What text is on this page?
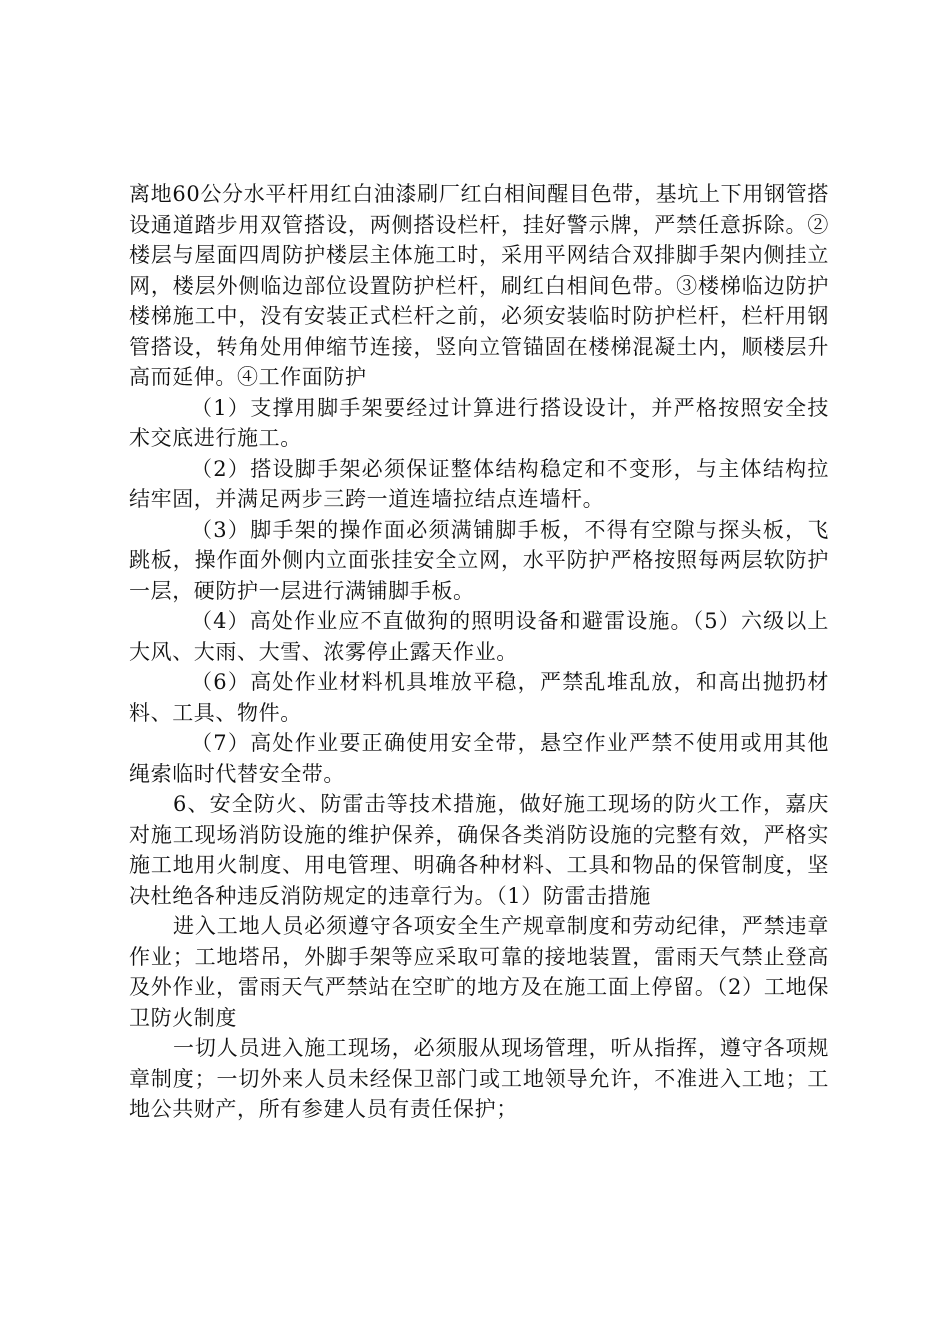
离地60公分水平杆用红白油漆刷厂红白相间醒目色带，基坑上下用钢管搭设通道踏步用双管搭设，两侧搭设栏杆，挂好警示牌，严禁任意拆除。②楼层与屋面四周防护楼层主体施工时，采用平网结合双排脚手架内侧挂立网，楼层外侧临边部位设置防护栏杆，刷红白相间色带。③楼梯临边防护楼梯施工中，没有安装正式栏杆之前，必须安装临时防护栏杆，栏杆用钢管搭设，转角处用伸缩节连接，竖向立管锚固在楼梯混凝土内，顺楼层升高而延伸。④工作面防护

（1）支撑用脚手架要经过计算进行搭设设计，并严格按照安全技术交底进行施工。

（2）搭设脚手架必须保证整体结构稳定和不变形，与主体结构拉结牢固，并满足两步三跨一道连墙拉结点连墙杆。

（3）脚手架的操作面必须满铺脚手板，不得有空隙与探头板，飞跳板，操作面外侧内立面张挂安全立网，水平防护严格按照每两层软防护一层，硬防护一层进行满铺脚手板。

（4）高处作业应不直做狗的照明设备和避雷设施。（5）六级以上大风、大雨、大雪、浓雾停止露天作业。

（6）高处作业材料机具堆放平稳，严禁乱堆乱放，和高出抛扔材料、工具、物件。

（7）高处作业要正确使用安全带，悬空作业严禁不使用或用其他绳索临时代替安全带。

6、安全防火、防雷击等技术措施，做好施工现场的防火工作，嘉庆对施工现场消防设施的维护保养，确保各类消防设施的完整有效，严格实施工地用火制度、用电管理、明确各种材料、工具和物品的保管制度，坚决杜绝各种违反消防规定的违章行为。（1）防雷击措施

进入工地人员必须遵守各项安全生产规章制度和劳动纪律，严禁违章作业；工地塔吊，外脚手架等应采取可靠的接地装置，雷雨天气禁止登高及外作业，雷雨天气严禁站在空旷的地方及在施工面上停留。（2）工地保卫防火制度

一切人员进入施工现场，必须服从现场管理，听从指挥，遵守各项规章制度；一切外来人员未经保卫部门或工地领导允许，不准进入工地；工地公共财产，所有参建人员有责任保护；
